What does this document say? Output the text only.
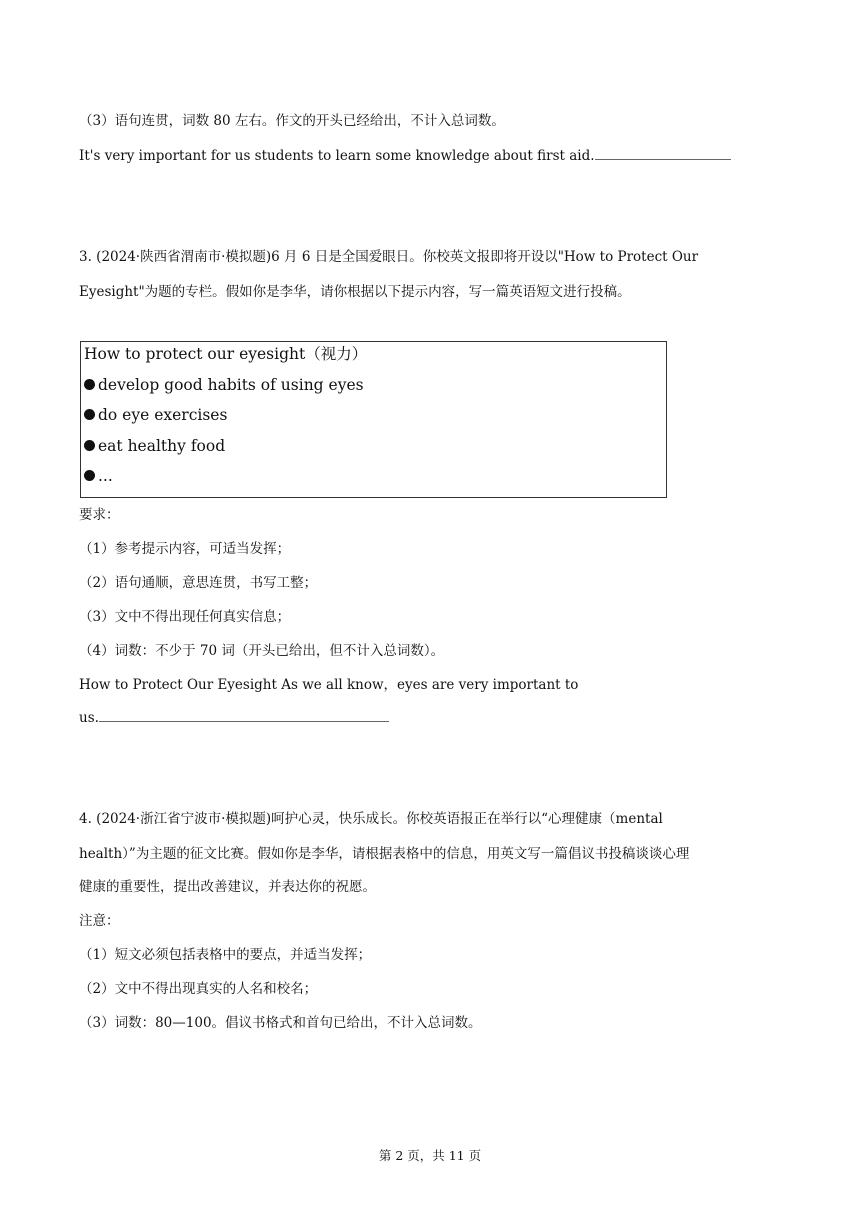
（3）语句连贯，词数 80 左右。作文的开头已经给出，不计入总词数。
It's very important for us students to learn some knowledge about first aid.
3. (2024·陕西省渭南市·模拟题)6 月 6 日是全国爱眼日。你校英文报即将开设以"How to Protect Our
Eyesight"为题的专栏。假如你是李华，请你根据以下提示内容，写一篇英语短文进行投稿。
How to protect our eyesight（视力）
develop good habits of using eyes
do eye exercises
eat healthy food
...
要求：
（1）参考提示内容，可适当发挥；
（2）语句通顺，意思连贯，书写工整；
（3）文中不得出现任何真实信息；
（4）词数：不少于 70 词（开头已给出，但不计入总词数）。
How to Protect Our Eyesight As we all know，eyes are very important to
us.
4. (2024·浙江省宁波市·模拟题)呵护心灵，快乐成长。你校英语报正在举行以“心理健康（mental
health）”为主题的征文比赛。假如你是李华，请根据表格中的信息，用英文写一篇倡议书投稿谈谈心理
健康的重要性，提出改善建议，并表达你的祝愿。
注意：
（1）短文必须包括表格中的要点，并适当发挥；
（2）文中不得出现真实的人名和校名；
（3）词数：80—100。倡议书格式和首句已给出，不计入总词数。
第 2 页，共 11 页
